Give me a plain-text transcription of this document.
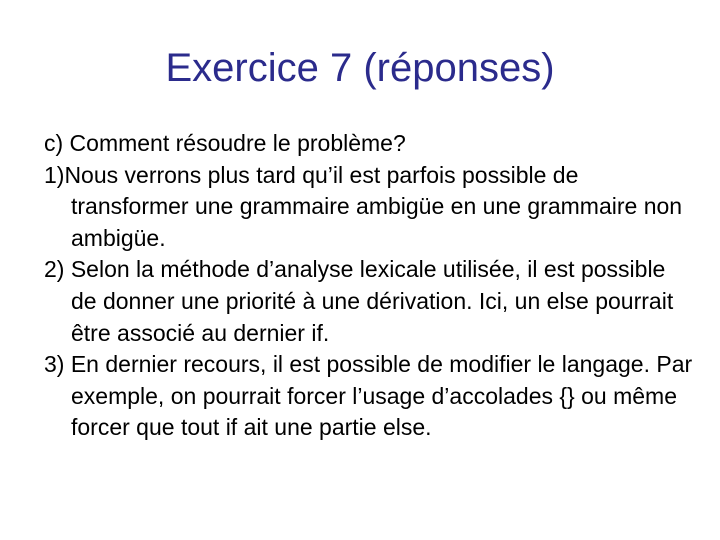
Exercice 7 (réponses)

c) Comment résoudre le problème?

1)Nous verrons plus tard qu’il est parfois possible de transformer une grammaire ambigüe en une grammaire non ambigüe.

2) Selon la méthode d’analyse lexicale utilisée, il est possible de donner une priorité à une dérivation. Ici, un else pourrait être associé au dernier if.

3) En dernier recours, il est possible de modifier le langage. Par exemple, on pourrait forcer l’usage d’accolades {} ou même forcer que tout if ait une partie else.
